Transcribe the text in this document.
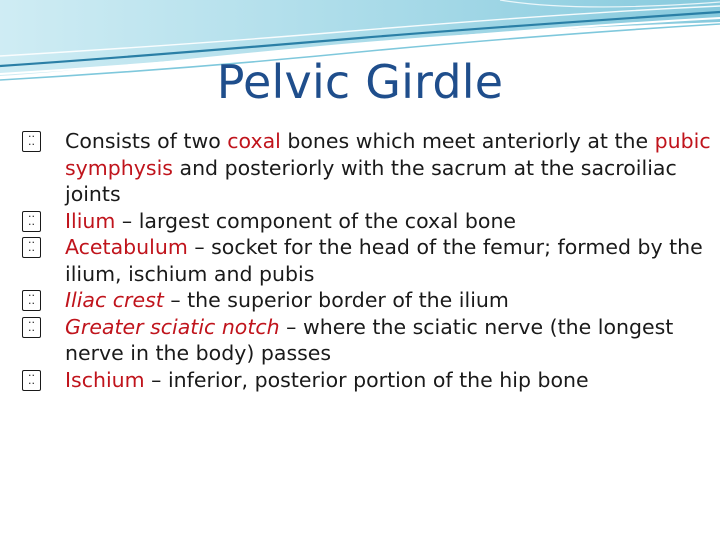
Pelvic Girdle
·· ·· Consists of two coxal bones which meet anteriorly at the pubic symphysis and posteriorly with the sacrum at the sacroiliac joints
·· ·· Ilium – largest component of the coxal bone
·· ·· Acetabulum – socket for the head of the femur; formed by the ilium, ischium and pubis
·· ·· Iliac crest – the superior border of the ilium
·· ·· Greater sciatic notch – where the sciatic nerve (the longest nerve in the body) passes
·· ·· Ischium – inferior, posterior portion of the hip bone
